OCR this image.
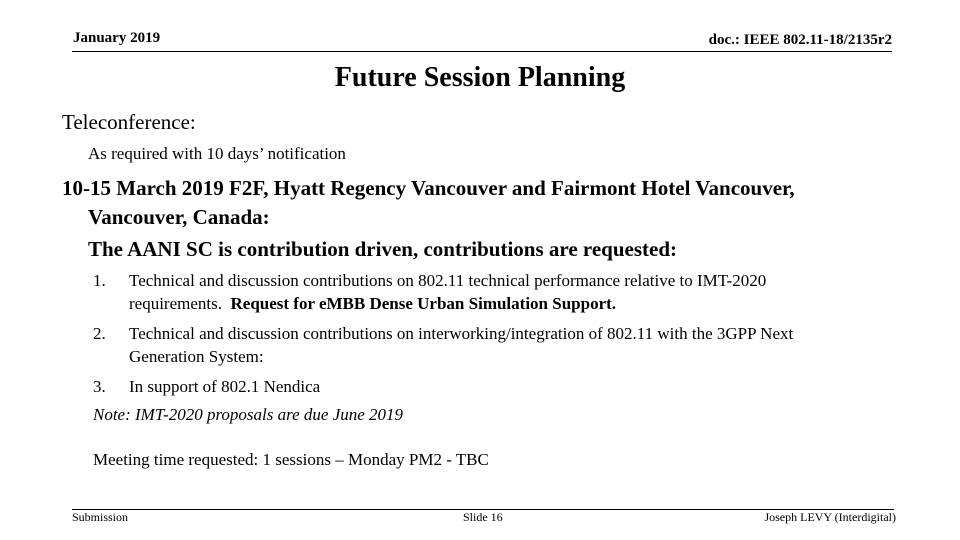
January 2019	doc.: IEEE 802.11-18/2135r2
Future Session Planning
Teleconference:
As required with 10 days’ notification
10-15 March 2019 F2F, Hyatt Regency Vancouver and Fairmont Hotel Vancouver,
Vancouver, Canada:
The AANI SC is contribution driven, contributions are requested:
1. Technical and discussion contributions on 802.11 technical performance relative to IMT-2020
requirements. Request for eMBB Dense Urban Simulation Support.
2. Technical and discussion contributions on interworking/integration of 802.11 with the 3GPP Next
Generation System:
3. In support of 802.1 Nendica
Note: IMT-2020 proposals are due June 2019
Meeting time requested: 1 sessions – Monday PM2 - TBC
Submission	Slide 16	Joseph LEVY (Interdigital)
